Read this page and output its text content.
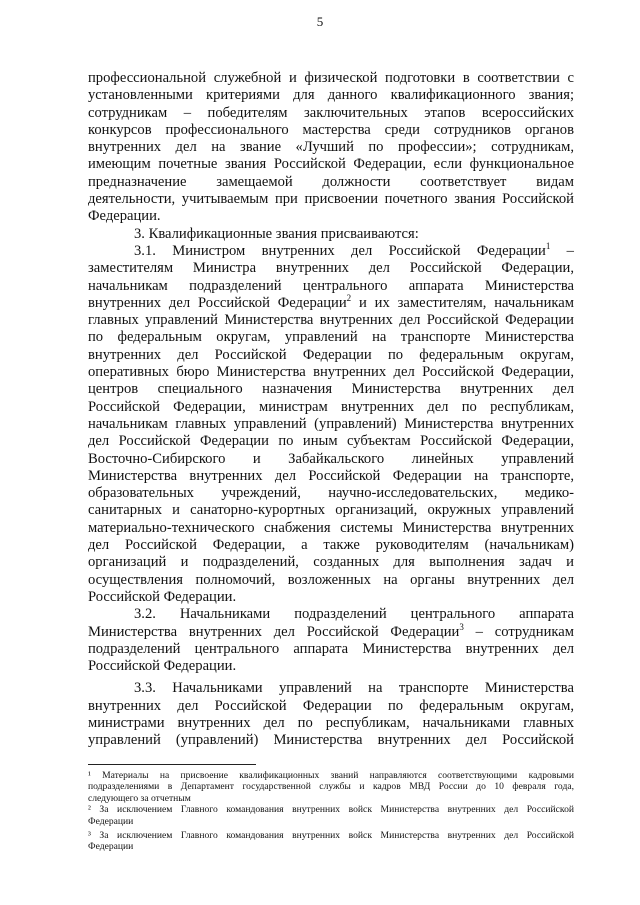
5
профессиональной служебной и физической подготовки в соответствии с
установленными критериями для данного квалификационного звания;
сотрудникам – победителям заключительных этапов всероссийских
конкурсов профессионального мастерства среди сотрудников органов
внутренних дел на звание «Лучший по профессии»; сотрудникам,
имеющим почетные звания Российской Федерации, если функциональное
предназначение замещаемой должности соответствует видам
деятельности, учитываемым при присвоении почетного звания Российской
Федерации.
3. Квалификационные звания присваиваются:
3.1. Министром внутренних дел Российской Федерации$^1$ –
заместителям Министра внутренних дел Российской Федерации,
начальникам подразделений центрального аппарата Министерства
внутренних дел Российской Федерации$^2$ и их заместителям, начальникам
главных управлений Министерства внутренних дел Российской Федерации
по федеральным округам, управлений на транспорте Министерства
внутренних дел Российской Федерации по федеральным округам,
оперативных бюро Министерства внутренних дел Российской Федерации,
центров специального назначения Министерства внутренних дел
Российской Федерации, министрам внутренних дел по республикам,
начальникам главных управлений (управлений) Министерства внутренних
дел Российской Федерации по иным субъектам Российской Федерации,
Восточно-Сибирского и Забайкальского линейных управлений
Министерства внутренних дел Российской Федерации на транспорте,
образовательных учреждений, научно-исследовательских, медико-
санитарных и санаторно-курортных организаций, окружных управлений
материально-технического снабжения системы Министерства внутренних
дел Российской Федерации, а также руководителям (начальникам)
организаций и подразделений, созданных для выполнения задач и
осуществления полномочий, возложенных на органы внутренних дел
Российской Федерации.
3.2. Начальниками подразделений центрального аппарата
Министерства внутренних дел Российской Федерации$^3$ – сотрудникам
подразделений центрального аппарата Министерства внутренних дел
Российской Федерации.
3.3. Начальниками управлений на транспорте Министерства
внутренних дел Российской Федерации по федеральным округам,
министрами внутренних дел по республикам, начальниками главных
управлений (управлений) Министерства внутренних дел Российской
¹ Материалы на присвоение квалификационных званий направляются соответствующими кадровыми
подразделениями в Департамент государственной службы и кадров МВД России до 10 февраля года,
следующего за отчетным
² За исключением Главного командования внутренних войск Министерства внутренних дел Российской
Федерации
³ За исключением Главного командования внутренних войск Министерства внутренних дел Российской
Федерации
